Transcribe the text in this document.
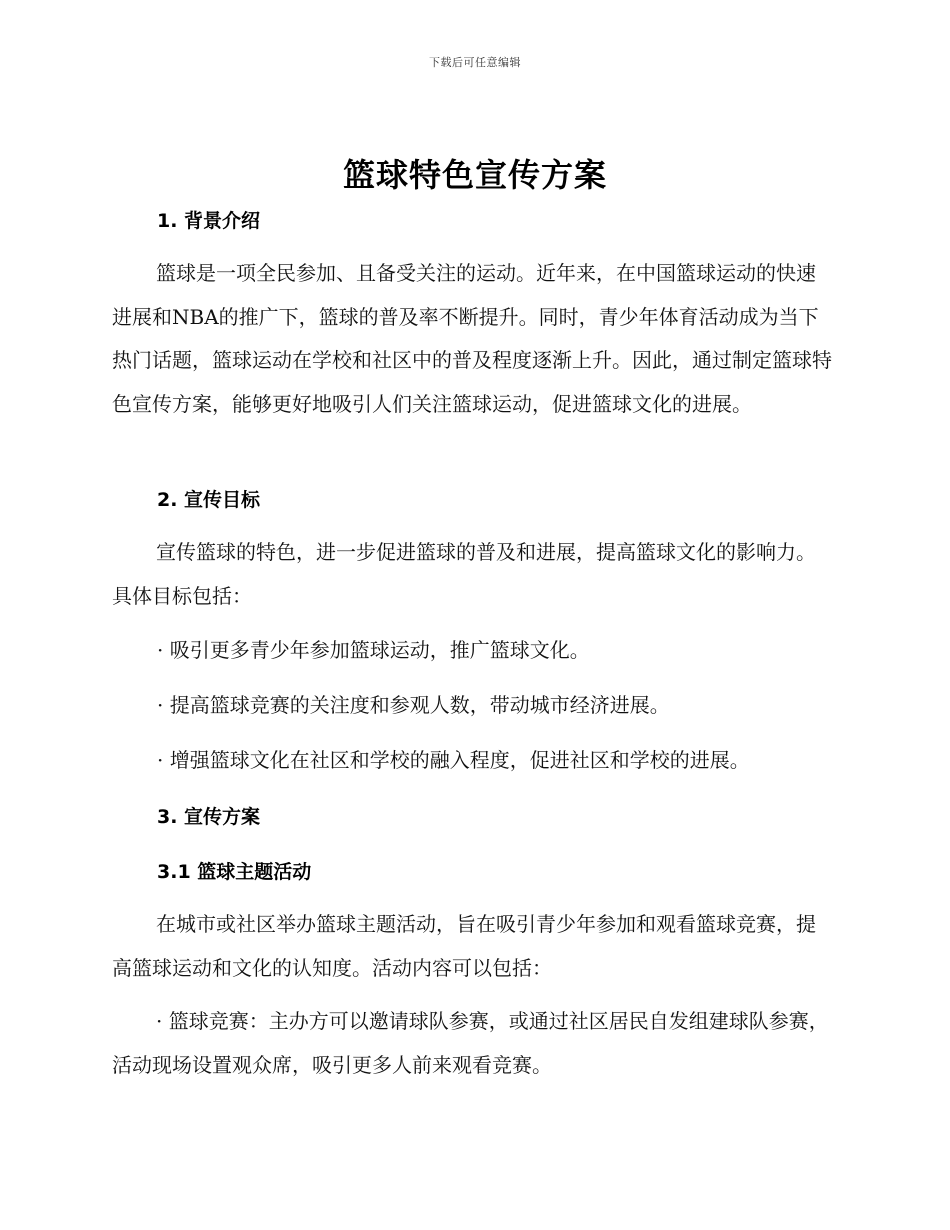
下载后可任意编辑
篮球特色宣传方案
1. 背景介绍
篮球是一项全民参加、且备受关注的运动。近年来，在中国篮球运动的快速进展和NBA的推广下，篮球的普及率不断提升。同时，青少年体育活动成为当下热门话题，篮球运动在学校和社区中的普及程度逐渐上升。因此，通过制定篮球特色宣传方案，能够更好地吸引人们关注篮球运动，促进篮球文化的进展。
2. 宣传目标
宣传篮球的特色，进一步促进篮球的普及和进展，提高篮球文化的影响力。具体目标包括：
· 吸引更多青少年参加篮球运动，推广篮球文化。
· 提高篮球竞赛的关注度和参观人数，带动城市经济进展。
· 增强篮球文化在社区和学校的融入程度，促进社区和学校的进展。
3. 宣传方案
3.1 篮球主题活动
在城市或社区举办篮球主题活动，旨在吸引青少年参加和观看篮球竞赛，提高篮球运动和文化的认知度。活动内容可以包括：
· 篮球竞赛：主办方可以邀请球队参赛，或通过社区居民自发组建球队参赛，活动现场设置观众席，吸引更多人前来观看竞赛。
